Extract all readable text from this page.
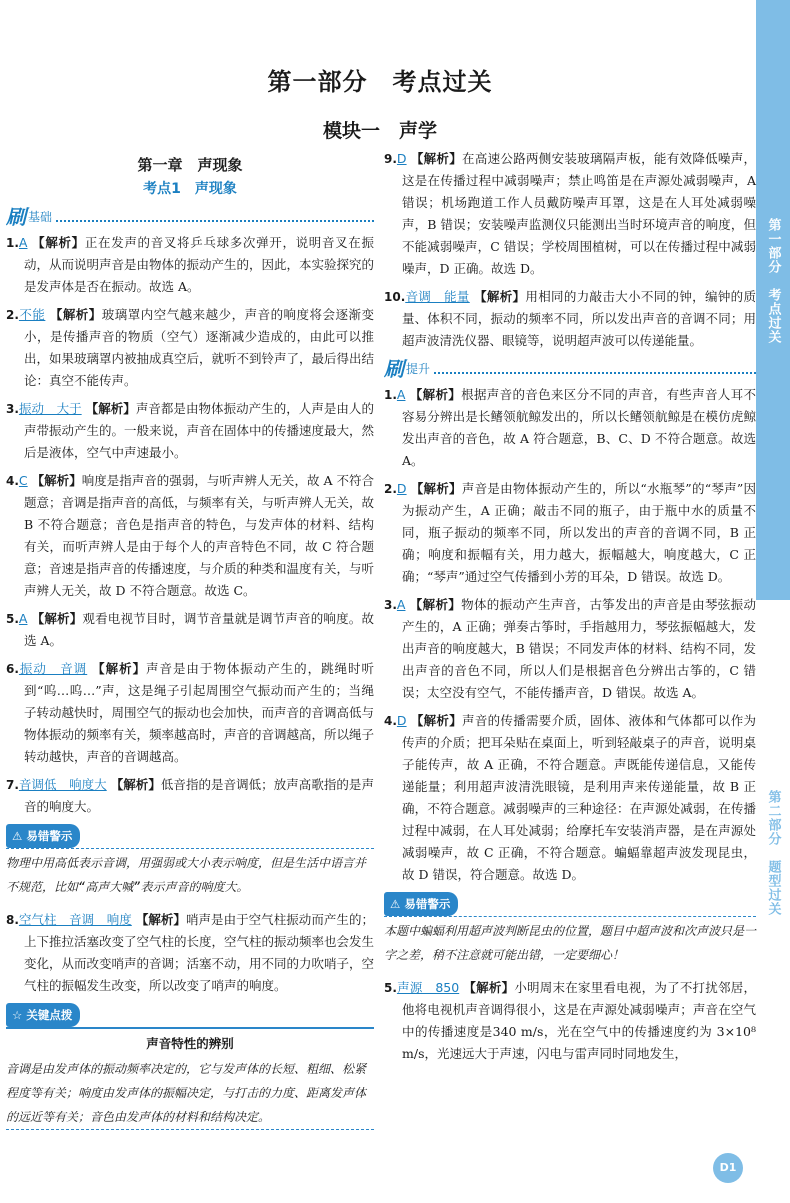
第一部分　考点过关
第二部分　题型过关
第一部分　考点过关
模块一　声学
第一章　声现象
考点1　声现象
刷 基础
1.A 【解析】正在发声的音叉将乒乓球多次弹开，说明音叉在振动，从而说明声音是由物体的振动产生的，因此，本实验探究的是发声体是否在振动。故选 A。
2.不能 【解析】玻璃罩内空气越来越少，声音的响度将会逐渐变小，是传播声音的物质（空气）逐渐减少造成的，由此可以推出，如果玻璃罩内被抽成真空后，就听不到铃声了，最后得出结论：真空不能传声。
3.振动　大于 【解析】声音都是由物体振动产生的，人声是由人的声带振动产生的。一般来说，声音在固体中的传播速度最大，然后是液体，空气中声速最小。
4.C 【解析】响度是指声音的强弱，与听声辨人无关，故 A 不符合题意；音调是指声音的高低，与频率有关，与听声辨人无关，故 B 不符合题意；音色是指声音的特色，与发声体的材料、结构有关，而听声辨人是由于每个人的声音特色不同，故 C 符合题意；音速是指声音的传播速度，与介质的种类和温度有关，与听声辨人无关，故 D 不符合题意。故选 C。
5.A 【解析】观看电视节目时，调节音量就是调节声音的响度。故选 A。
6.振动　音调 【解析】声音是由于物体振动产生的，跳绳时听到“呜…呜…”声，这是绳子引起周围空气振动而产生的；当绳子转动越快时，周围空气的振动也会加快，而声音的音调高低与物体振动的频率有关，频率越高时，声音的音调越高，所以绳子转动越快，声音的音调越高。
7.音调低　响度大 【解析】低音指的是音调低；放声高歌指的是声音的响度大。
⚠ 易错警示
物理中用高低表示音调，用强弱或大小表示响度，但是生活中语言并不规范，比如“高声大喊”表示声音的响度大。
8.空气柱　音调　响度 【解析】哨声是由于空气柱振动而产生的；上下推拉活塞改变了空气柱的长度，空气柱的振动频率也会发生变化，从而改变哨声的音调；活塞不动，用不同的力吹哨子，空气柱的振幅发生改变，所以改变了哨声的响度。
☆ 关键点拨
声音特性的辨别
音调是由发声体的振动频率决定的，它与发声体的长短、粗细、松紧程度等有关；响度由发声体的振幅决定，与打击的力度、距离发声体的远近等有关；音色由发声体的材料和结构决定。
9.D 【解析】在高速公路两侧安装玻璃隔声板，能有效降低噪声，这是在传播过程中减弱噪声；禁止鸣笛是在声源处减弱噪声，A 错误；机场跑道工作人员戴防噪声耳罩，这是在人耳处减弱噪声，B 错误；安装噪声监测仪只能测出当时环境声音的响度，但不能减弱噪声，C 错误；学校周围植树，可以在传播过程中减弱噪声，D 正确。故选 D。
10.音调　能量 【解析】用相同的力敲击大小不同的钟，编钟的质量、体积不同，振动的频率不同，所以发出声音的音调不同；用超声波清洗仪器、眼镜等，说明超声波可以传递能量。
刷 提升
1.A 【解析】根据声音的音色来区分不同的声音，有些声音人耳不容易分辨出是长鳍领航鲸发出的，所以长鳍领航鲸是在模仿虎鲸发出声音的音色，故 A 符合题意，B、C、D 不符合题意。故选 A。
2.D 【解析】声音是由物体振动产生的，所以“水瓶琴”的“琴声”因为振动产生，A 正确；敲击不同的瓶子，由于瓶中水的质量不同，瓶子振动的频率不同，所以发出的声音的音调不同，B 正确；响度和振幅有关，用力越大，振幅越大，响度越大，C 正确；“琴声”通过空气传播到小芳的耳朵，D 错误。故选 D。
3.A 【解析】物体的振动产生声音，古筝发出的声音是由琴弦振动产生的，A 正确；弹奏古筝时，手指越用力，琴弦振幅越大，发出声音的响度越大，B 错误；不同发声体的材料、结构不同，发出声音的音色不同，所以人们是根据音色分辨出古筝的，C 错误；太空没有空气，不能传播声音，D 错误。故选 A。
4.D 【解析】声音的传播需要介质，固体、液体和气体都可以作为传声的介质；把耳朵贴在桌面上，听到轻敲桌子的声音，说明桌子能传声，故 A 正确，不符合题意。声既能传递信息，又能传递能量；利用超声波清洗眼镜，是利用声来传递能量，故 B 正确，不符合题意。减弱噪声的三种途径：在声源处减弱，在传播过程中减弱，在人耳处减弱；给摩托车安装消声器，是在声源处减弱噪声，故 C 正确，不符合题意。蝙蝠靠超声波发现昆虫，故 D 错误，符合题意。故选 D。
⚠ 易错警示
本题中蝙蝠利用超声波判断昆虫的位置，题目中超声波和次声波只是一字之差，稍不注意就可能出错，一定要细心！
5.声源　850 【解析】小明周末在家里看电视，为了不打扰邻居，他将电视机声音调得很小，这是在声源处减弱噪声；声音在空气中的传播速度是340 m/s，光在空气中的传播速度约为 3×10⁸ m/s，光速远大于声速，闪电与雷声同时同地发生，
D1
